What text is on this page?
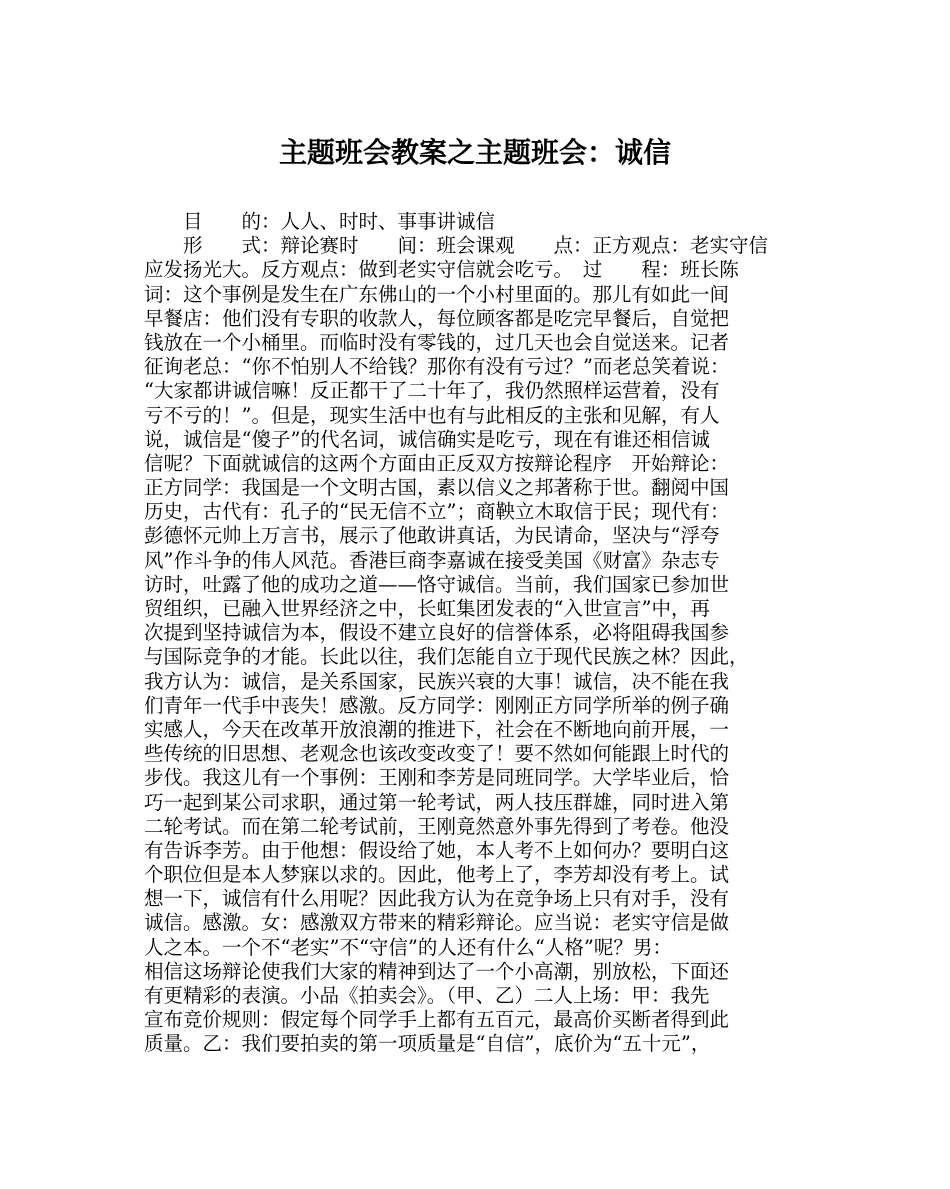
主题班会教案之主题班会：诚信
　　目　　的：人人、时时、事事讲诚信
　　形　　式：辩论赛时　　间：班会课观　　点：正方观点：老实守信
应发扬光大。反方观点：做到老实守信就会吃亏。　过　　程：班长陈
词：这个事例是发生在广东佛山的一个小村里面的。那儿有如此一间
早餐店：他们没有专职的收款人，每位顾客都是吃完早餐后，自觉把
钱放在一个小桶里。而临时没有零钱的，过几天也会自觉送来。记者
征询老总：“你不怕别人不给钱？那你有没有亏过？”而老总笑着说：
“大家都讲诚信嘛！反正都干了二十年了，我仍然照样运营着，没有
亏不亏的！”。但是，现实生活中也有与此相反的主张和见解，有人
说，诚信是“傻子”的代名词，诚信确实是吃亏，现在有谁还相信诚
信呢？下面就诚信的这两个方面由正反双方按辩论程序　开始辩论：
正方同学：我国是一个文明古国，素以信义之邦著称于世。翻阅中国
历史，古代有：孔子的“民无信不立”；商鞅立木取信于民；现代有：
彭德怀元帅上万言书，展示了他敢讲真话，为民请命，坚决与“浮夸
风”作斗争的伟人风范。香港巨商李嘉诚在接受美国《财富》杂志专
访时，吐露了他的成功之道——恪守诚信。当前，我们国家已参加世
贸组织，已融入世界经济之中，长虹集团发表的“入世宣言”中，再
次提到坚持诚信为本，假设不建立良好的信誉体系，必将阻碍我国参
与国际竞争的才能。长此以往，我们怎能自立于现代民族之林？因此，
我方认为：诚信，是关系国家，民族兴衰的大事！诚信，决不能在我
们青年一代手中丧失！感激。反方同学：刚刚正方同学所举的例子确
实感人，今天在改革开放浪潮的推进下，社会在不断地向前开展，一
些传统的旧思想、老观念也该改变改变了！要不然如何能跟上时代的
步伐。我这儿有一个事例：王刚和李芳是同班同学。大学毕业后，恰
巧一起到某公司求职，通过第一轮考试，两人技压群雄，同时进入第
二轮考试。而在第二轮考试前，王刚竟然意外事先得到了考卷。他没
有告诉李芳。由于他想：假设给了她，本人考不上如何办？要明白这
个职位但是本人梦寐以求的。因此，他考上了，李芳却没有考上。试
想一下，诚信有什么用呢？因此我方认为在竞争场上只有对手，没有
诚信。感激。女：感激双方带来的精彩辩论。应当说：老实守信是做
人之本。一个不“老实”不“守信”的人还有什么“人格”呢？男：
相信这场辩论使我们大家的精神到达了一个小高潮，别放松，下面还
有更精彩的表演。小品《拍卖会》。（甲、乙）二人上场：甲：我先
宣布竞价规则：假定每个同学手上都有五百元，最高价买断者得到此
质量。乙：我们要拍卖的第一项质量是“自信”，底价为“五十元”，
